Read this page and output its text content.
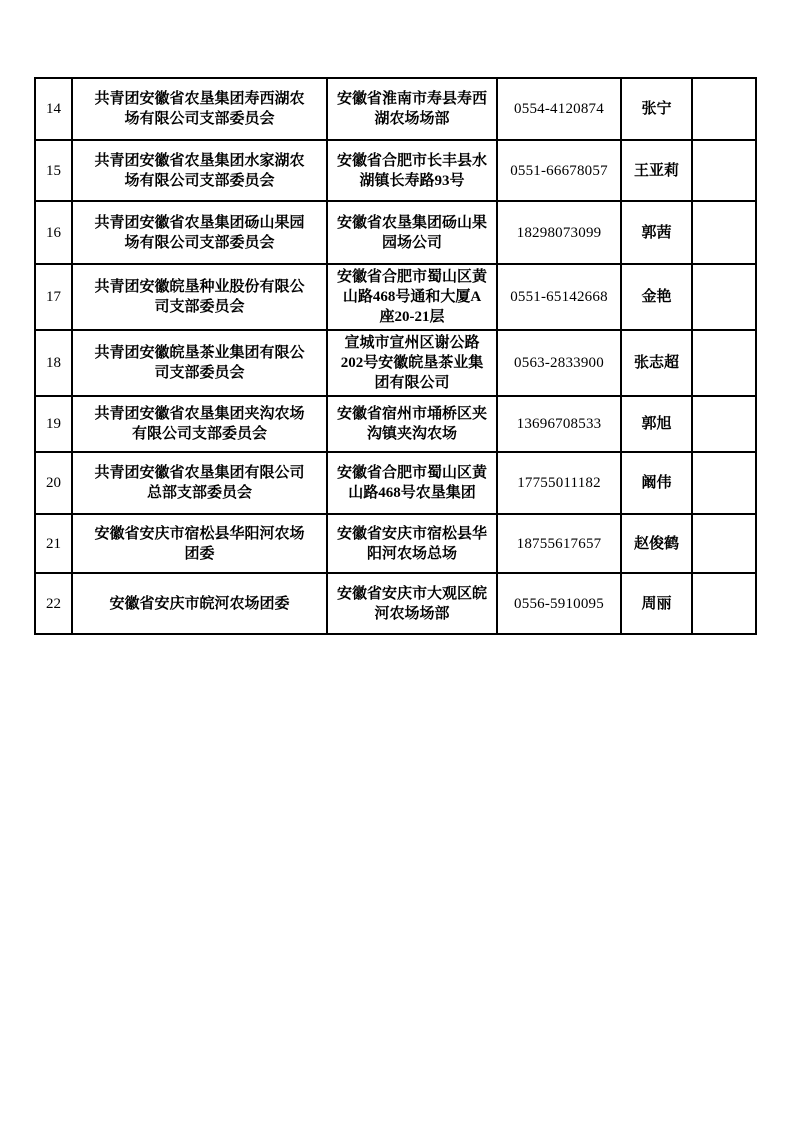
14	共青团安徽省农垦集团寿西湖农场有限公司支部委员会	安徽省淮南市寿县寿西湖农场场部	0554-4120874	张宁	
15	共青团安徽省农垦集团水家湖农场有限公司支部委员会	安徽省合肥市长丰县水湖镇长寿路93号	0551-66678057	王亚莉	
16	共青团安徽省农垦集团砀山果园场有限公司支部委员会	安徽省农垦集团砀山果园场公司	18298073099	郭茜	
17	共青团安徽皖垦种业股份有限公司支部委员会	安徽省合肥市蜀山区黄山路468号通和大厦A座20-21层	0551-65142668	金艳	
18	共青团安徽皖垦茶业集团有限公司支部委员会	宣城市宣州区谢公路202号安徽皖垦茶业集团有限公司	0563-2833900	张志超	
19	共青团安徽省农垦集团夹沟农场有限公司支部委员会	安徽省宿州市埇桥区夹沟镇夹沟农场	13696708533	郭旭	
20	共青团安徽省农垦集团有限公司总部支部委员会	安徽省合肥市蜀山区黄山路468号农垦集团	17755011182	阚伟	
21	安徽省安庆市宿松县华阳河农场团委	安徽省安庆市宿松县华阳河农场总场	18755617657	赵俊鹤	
22	安徽省安庆市皖河农场团委	安徽省安庆市大观区皖河农场场部	0556-5910095	周丽	
